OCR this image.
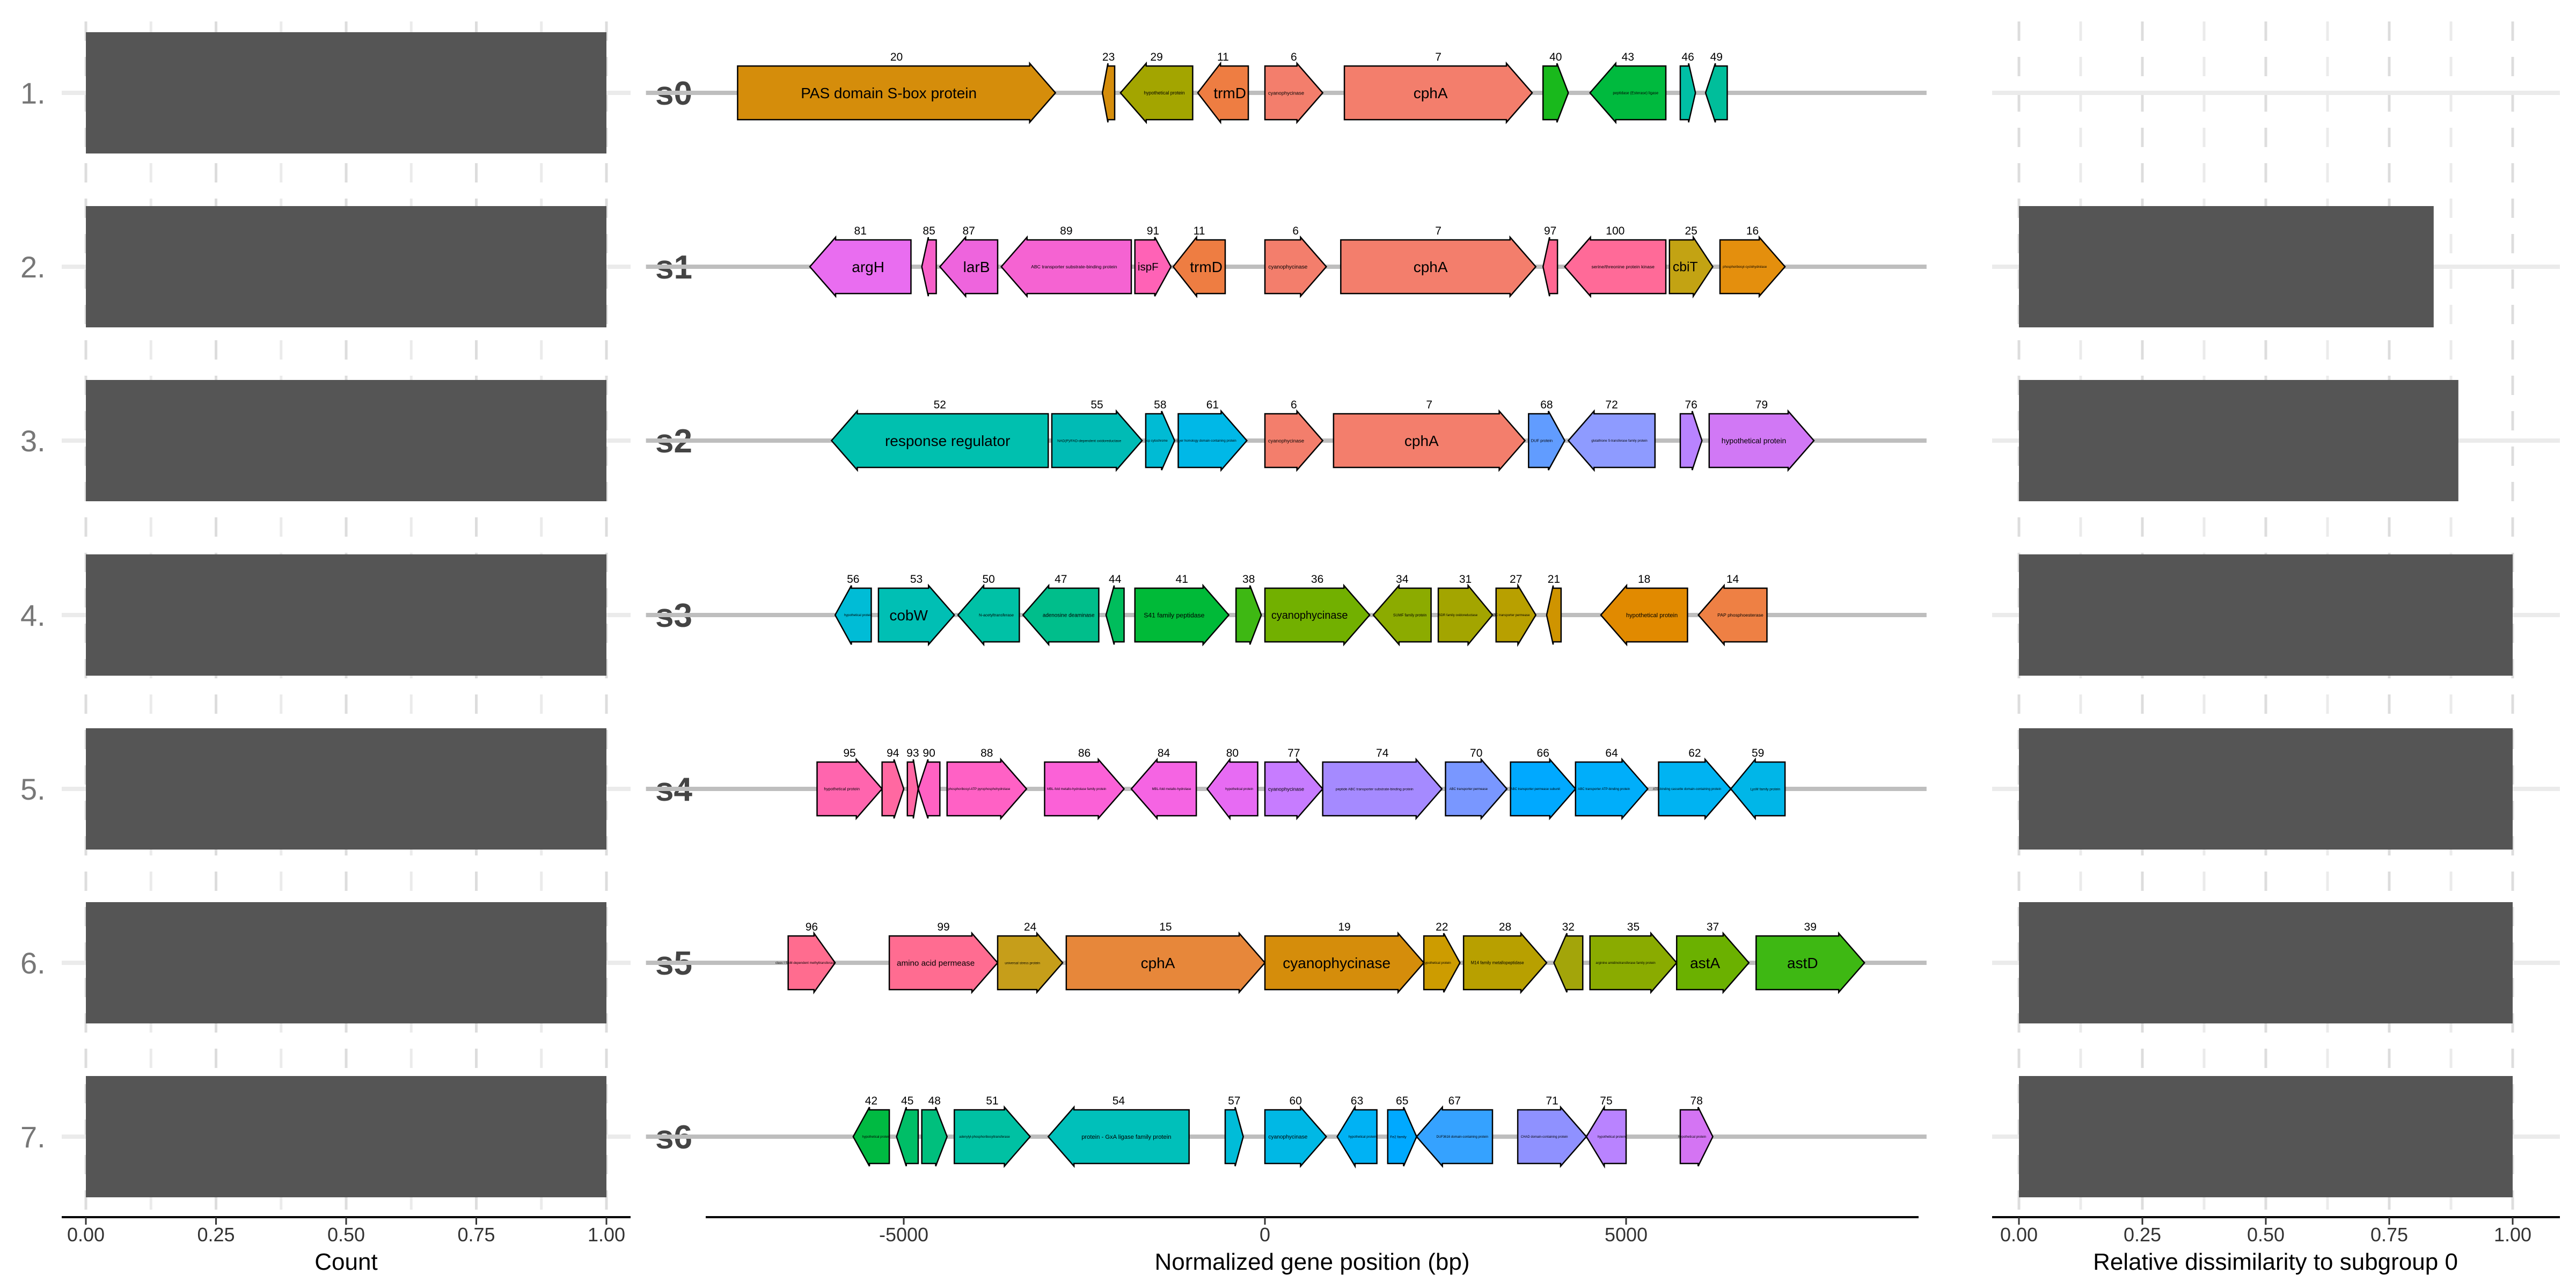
1.
2.
3.
4.
5.
6.
7.
s0
20
PAS domain S-box protein
23	29
hypothetical protein
11
trmD
6
cyanophycinase
7
cphA
40	43
peptidase (Esterase) ligase
46 49
s1
81
argH
85 87
larB
89
ABC transporter substrate-binding protein
91
ispF
11
trmD
6
cyanophycinase
7
cphA
97	100
serine/threonine protein kinase
25
cbiT
16
phosphoribosyl-cyclohydrolase
s2
52
response regulator
55
NAD(P)/FAD-dependent oxidoreductase
58
pcp cytochrome
61
S-layer homology domain-containing protein
6
cyanophycinase
7
cphA
68
DUF protein
72
glutathione S-transferase family protein
76	79
hypothetical protein
s3
56
hypothetical protein
53
cobW
50
N-acetyltransferase
47
adenosine deaminase
44	41
S41 family peptidase
38	36
cyanophycinase
34
SUMF family protein
31
SDR family oxidoreductase
27
ABC transporter permease
21	18
hypothetical protein
14
PAP phosphoesterase
s4
95
hypothetical protein
94 93 90	88
phosphoribosyl-ATP pyrophosphohydrolase
86
MBL-fold metallo-hydrolase family protein
84
MBL-fold metallo-hydrolase
80
hypothetical protein
77
cyanophycinase
74
peptide ABC transporter substrate-binding protein
70
ABC transporter permease
66
ABC transporter permease subunit
64
ABC transporter ATP-binding protein
62
ATP-binding cassette domain-containing protein
59
LysM family protein
s5
96
class I SAM-dependent methyltransferase
99
amino acid permease
24
universal stress protein
15
cphA
19
cyanophycinase
22
hypothetical protein
28
M14 family metallopeptidase
32	35
arginine amidinotransferase family protein
37
astA
39
astD
s6
42
hypothetical protein
45 48	51
adenylyl-phosphoribosyltransferase
54
protein - GxA ligase family protein
57	60
cyanophycinase
63
hypothetical protein
65
Fe2 family
67
DUF3616 domain-containing protein
71
CHAD domain-containing protein
75
hypothetical protein
78
hypothetical protein
0.00	0.25	0.50	0.75	1.00	-5000	0	5000	0.00	0.25	0.50	0.75	1.00
Count	Normalized gene position (bp)	Relative dissimilarity to subgroup 0
